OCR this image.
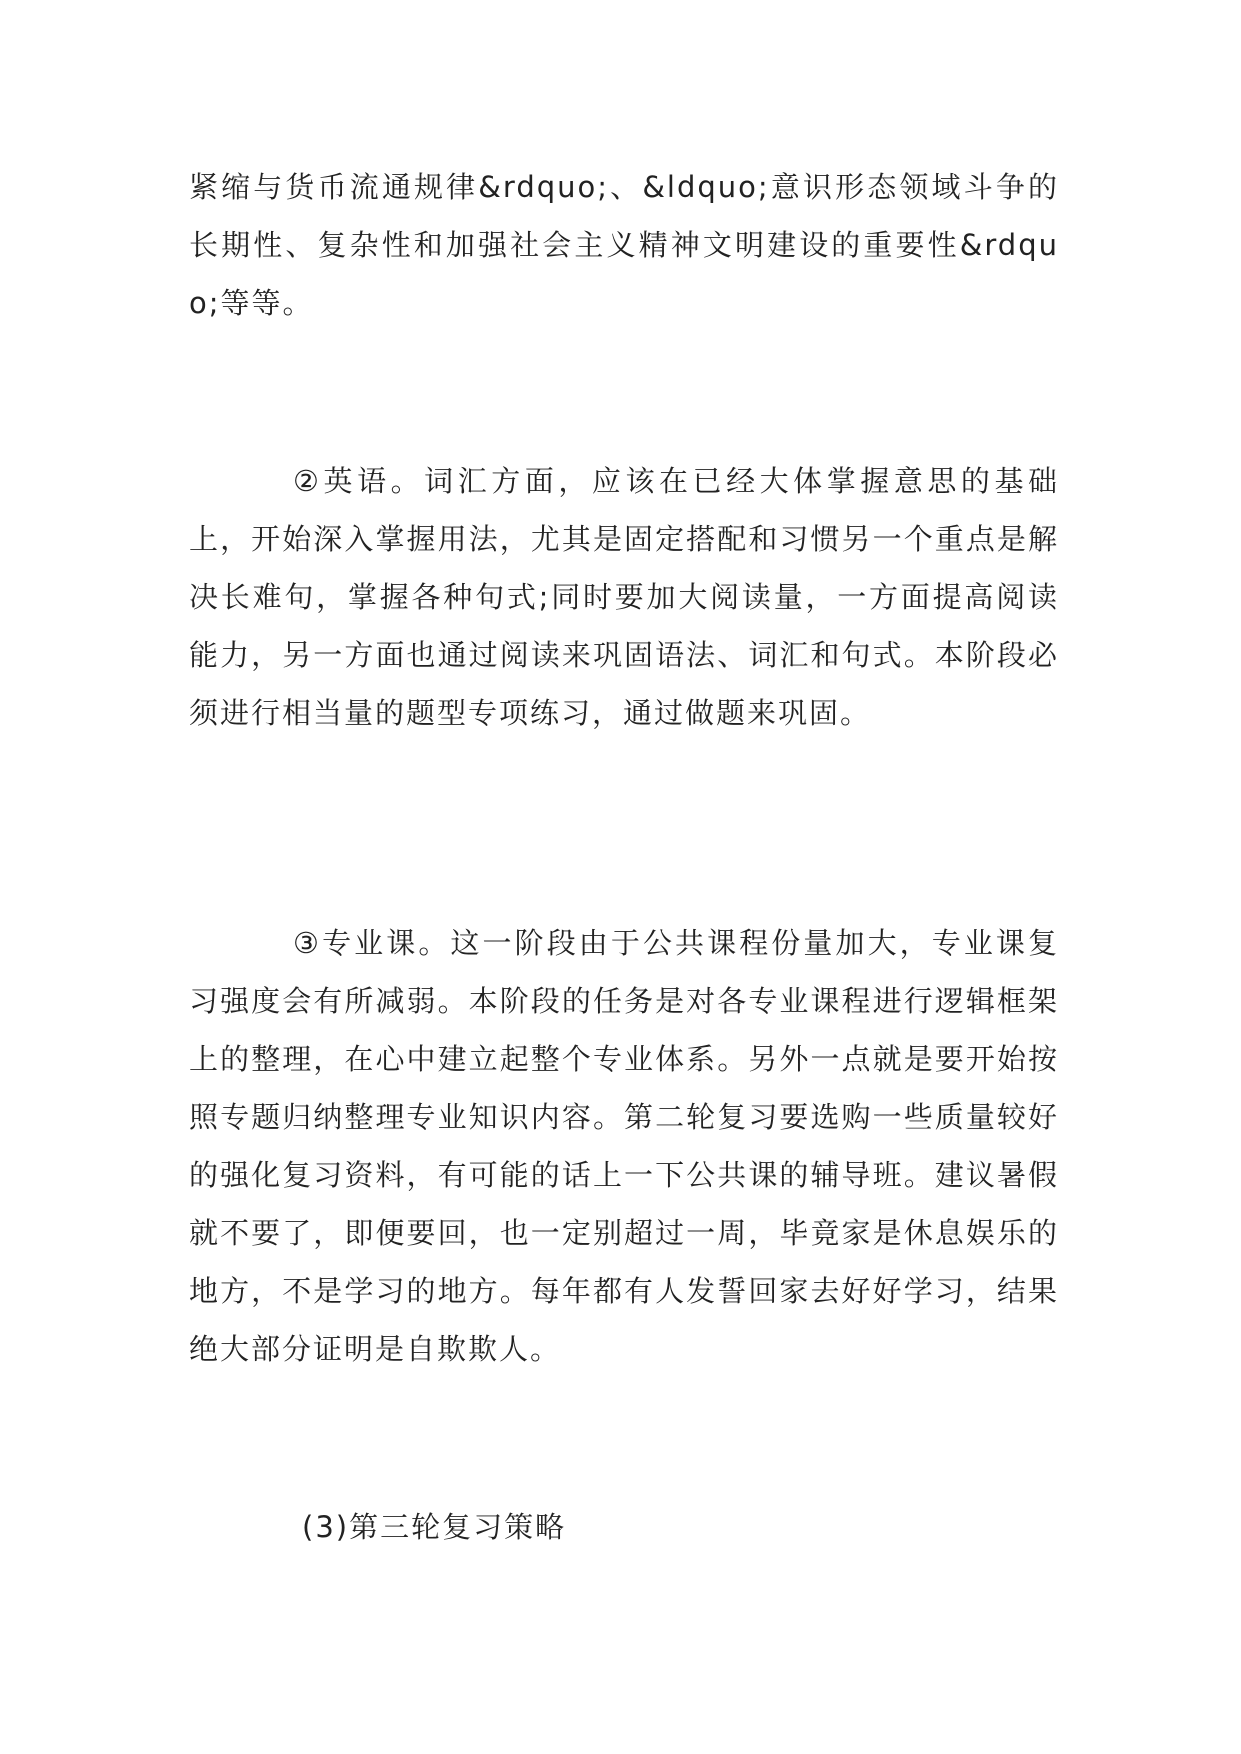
紧缩与货币流通规律&rdquo;、&ldquo;意识形态领域斗争的长期性、复杂性和加强社会主义精神文明建设的重要性&rdquo;等等。

②英语。词汇方面，应该在已经大体掌握意思的基础上，开始深入掌握用法，尤其是固定搭配和习惯另一个重点是解决长难句，掌握各种句式;同时要加大阅读量，一方面提高阅读能力，另一方面也通过阅读来巩固语法、词汇和句式。本阶段必须进行相当量的题型专项练习，通过做题来巩固。

③专业课。这一阶段由于公共课程份量加大，专业课复习强度会有所减弱。本阶段的任务是对各专业课程进行逻辑框架上的整理，在心中建立起整个专业体系。另外一点就是要开始按照专题归纳整理专业知识内容。第二轮复习要选购一些质量较好的强化复习资料，有可能的话上一下公共课的辅导班。建议暑假就不要了，即便要回，也一定别超过一周，毕竟家是休息娱乐的地方，不是学习的地方。每年都有人发誓回家去好好学习，结果绝大部分证明是自欺欺人。

(3)第三轮复习策略
